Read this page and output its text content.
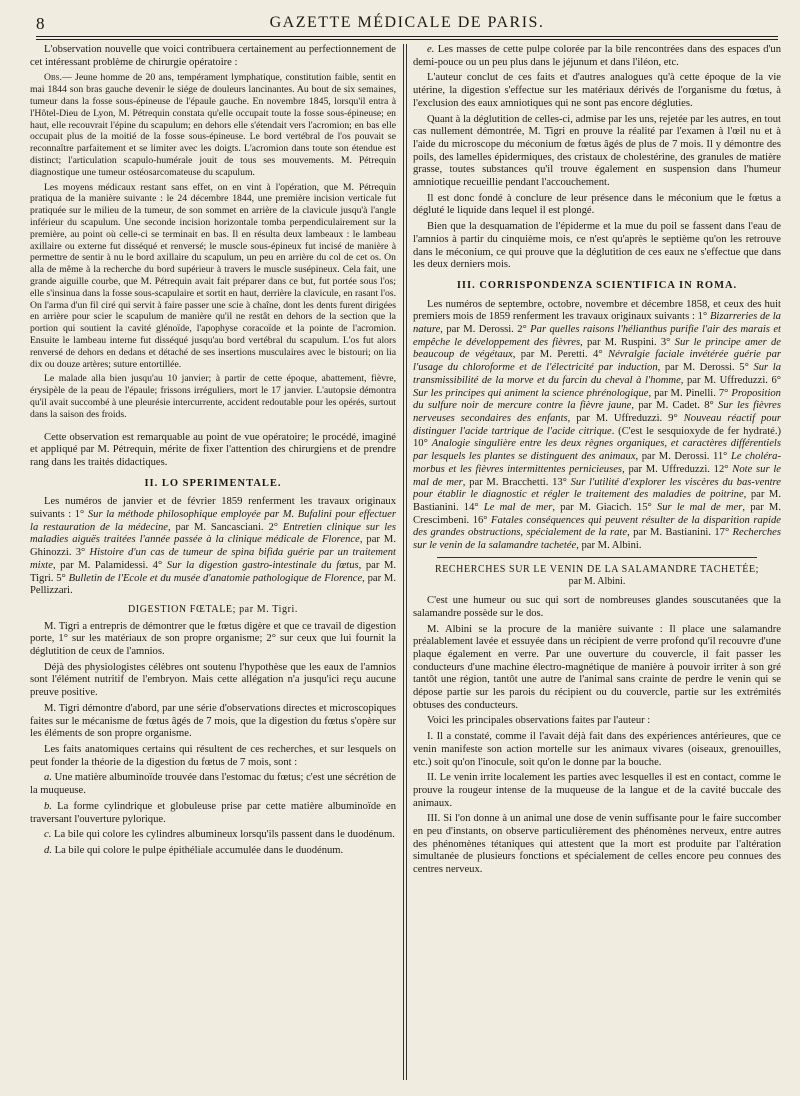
8	GAZETTE MÉDICALE DE PARIS.

L'observation nouvelle que voici contribuera certainement au perfectionnement de cet intéressant problème de chirurgie opératoire :

Obs.— Jeune homme de 20 ans, tempérament lymphatique, constitution faible, sentit en mai 1844 son bras gauche devenir le siége de douleurs lancinantes. Au bout de six semaines, tumeur dans la fosse sous-épineuse de l'épaule gauche. En novembre 1845, lorsqu'il entra à l'Hôtel-Dieu de Lyon, M. Pétrequin constata qu'elle occupait toute la fosse sous-épineuse; en haut, elle recouvrait l'épine du scapulum; en dehors elle s'étendait vers l'acromion; en bas elle occupait plus de la moitié de la fosse sous-épineuse. Le bord vertébral de l'os pouvait se reconnaître parfaitement et se limiter avec les doigts. L'acromion dans toute son étendue est distinct; l'articulation scapulo-humérale jouit de tous ses mouvements. M. Pétrequin diagnostique une tumeur ostéosarcomateuse du scapulum.

Les moyens médicaux restant sans effet, on en vint à l'opération, que M. Pétrequin pratiqua de la manière suivante : le 24 décembre 1844, une première incision verticale fut pratiquée sur le milieu de la tumeur, de son sommet en arrière de la clavicule jusqu'à l'angle inférieur du scapulum. Une seconde incision horizontale tomba perpendiculairement sur la première, au point où celle-ci se terminait en bas. Il en résulta deux lambeaux : le lambeau axillaire ou externe fut disséqué et renversé; le muscle sous-épineux fut incisé de manière à permettre de sentir à nu le bord axillaire du scapulum, un peu en arrière du col de cet os. On alla de même à la recherche du bord supérieur à travers le muscle susépineux. Cela fait, une grande aiguille courbe, que M. Pétrequin avait fait préparer dans ce but, fut portée sous l'os; elle s'insinua dans la fosse sous-scapulaire et sortit en haut, derrière la clavicule, en rasant l'os. On l'arma d'un fil ciré qui servit à faire passer une scie à chaîne, dont les dents furent dirigées en arrière pour scier le scapulum de manière qu'il ne restât en dehors de la section que la portion qui soutient la cavité glénoïde, l'apophyse coracoïde et la pointe de l'acromion. Ensuite le lambeau interne fut disséqué jusqu'au bord vertébral du scapulum. L'os fut alors renversé de dehors en dedans et détaché de ses insertions musculaires avec le bistouri; on lia dix ou douze artères; suture entortillée.

Le malade alla bien jusqu'au 10 janvier; à partir de cette époque, abattement, fièvre, érysipèle de la peau de l'épaule; frissons irréguliers, mort le 17 janvier. L'autopsie démontra qu'il avait succombé à une pleurésie intercurrente, accident redoutable pour les opérés, surtout dans la saison des froids.

Cette observation est remarquable au point de vue opératoire; le procédé, imaginé et appliqué par M. Pétrequin, mérite de fixer l'attention des chirurgiens et de prendre rang dans les traités didactiques.

II. LO SPERIMENTALE.

Les numéros de janvier et de février 1859 renferment les travaux originaux suivants : 1° Sur la méthode philosophique employée par M. Bufalini pour effectuer la restauration de la médecine, par M. Sancasciani. 2° Entretien clinique sur les maladies aiguës traitées l'année passée à la clinique médicale de Florence, par M. Ghinozzi. 3° Histoire d'un cas de tumeur de spina bifida guérie par un traitement mixte, par M. Palamidessi. 4° Sur la digestion gastro-intestinale du fœtus, par M. Tigri. 5° Bulletin de l'Ecole et du musée d'anatomie pathologique de Florence, par M. Pellizzari.

DIGESTION FŒTALE; par M. Tigri.

M. Tigri a entrepris de démontrer que le fœtus digère et que ce travail de digestion porte, 1° sur les matériaux de son propre organisme; 2° sur ceux que lui fournit la déglutition de ceux de l'amnios.

Déjà des physiologistes célèbres ont soutenu l'hypothèse que les eaux de l'amnios sont l'élément nutritif de l'embryon. Mais cette allégation n'a jusqu'ici reçu aucune preuve positive.

M. Tigri démontre d'abord, par une série d'observations directes et microscopiques faites sur le mécanisme de fœtus âgés de 7 mois, que la digestion du fœtus s'opère sur les éléments de son propre organisme.

Les faits anatomiques certains qui résultent de ces recherches, et sur lesquels on peut fonder la théorie de la digestion du fœtus de 7 mois, sont :

a. Une matière albuminoïde trouvée dans l'estomac du fœtus; c'est une sécrétion de la muqueuse.

b. La forme cylindrique et globuleuse prise par cette matière albuminoïde en traversant l'ouverture pylorique.

c. La bile qui colore les cylindres albumineux lorsqu'ils passent dans le duodénum.

d. La bile qui colore le pulpe épithéliale accumulée dans le duodénum.

e. Les masses de cette pulpe colorée par la bile rencontrées dans des espaces d'un demi-pouce ou un peu plus dans le jéjunum et dans l'iléon, etc.

L'auteur conclut de ces faits et d'autres analogues qu'à cette époque de la vie utérine, la digestion s'effectue sur les matériaux dérivés de l'organisme du fœtus, à l'exclusion des eaux amniotiques qui ne sont pas encore dégluties.

Quant à la déglutition de celles-ci, admise par les uns, rejetée par les autres, en tout cas nullement démontrée, M. Tigri en prouve la réalité par l'examen à l'œil nu et à l'aide du microscope du méconium de fœtus âgés de plus de 7 mois. Il y démontre des poils, des lamelles épidermiques, des cristaux de cholestérine, des granules de matière grasse, toutes substances qu'il trouve également en suspension dans l'humeur amniotique recueillie pendant l'accouchement.

Il est donc fondé à conclure de leur présence dans le méconium que le fœtus a dégluté le liquide dans lequel il est plongé.

Bien que la desquamation de l'épiderme et la mue du poil se fassent dans l'eau de l'amnios à partir du cinquième mois, ce n'est qu'après le septième qu'on les retrouve dans le méconium, ce qui prouve que la déglutition de ces eaux ne s'effectue que dans les deux derniers mois.

III. CORRISPONDENZA SCIENTIFICA IN ROMA.

Les numéros de septembre, octobre, novembre et décembre 1858, et ceux des huit premiers mois de 1859 renferment les travaux originaux suivants : 1° Bizarreries de la nature, par M. Derossi. 2° Par quelles raisons l'hélianthus purifie l'air des marais et empêche le développement des fièvres, par M. Ruspini. 3° Sur le principe amer de beaucoup de végétaux, par M. Peretti. 4° Névralgie faciale invétérée guérie par l'usage du chloroforme et de l'électricité par induction, par M. Derossi. 5° Sur la transmissibilité de la morve et du farcin du cheval à l'homme, par M. Uffreduzzi. 6° Sur les principes qui animent la science phrénologique, par M. Pinelli. 7° Proposition du sulfure noir de mercure contre la fièvre jaune, par M. Cadet. 8° Sur les fièvres nerveuses secondaires des enfants, par M. Uffreduzzi. 9° Nouveau réactif pour distinguer l'acide tartrique de l'acide citrique. (C'est le sesquioxyde de fer hydraté.) 10° Analogie singulière entre les deux règnes organiques, et caractères différentiels par lesquels les plantes se distinguent des animaux, par M. Derossi. 11° Le choléra-morbus et les fièvres intermittentes pernicieuses, par M. Uffreduzzi. 12° Note sur le mal de mer, par M. Bracchetti. 13° Sur l'utilité d'explorer les viscères du bas-ventre pour établir le diagnostic et régler le traitement des maladies de poitrine, par M. Bastianini. 14° Le mal de mer, par M. Giacich. 15° Sur le mal de mer, par M. Crescimbeni. 16° Fatales conséquences qui peuvent résulter de la disparition rapide des grandes obstructions, spécialement de la rate, par M. Bastianini. 17° Recherches sur le venin de la salamandre tachetée, par M. Albini.

RECHERCHES SUR LE VENIN DE LA SALAMANDRE TACHETÉE;
par M. Albini.

C'est une humeur ou suc qui sort de nombreuses glandes souscutanées que la salamandre possède sur le dos.

M. Albini se la procure de la manière suivante : Il place une salamandre préalablement lavée et essuyée dans un récipient de verre profond qu'il recouvre d'une plaque également en verre. Par une ouverture du couvercle, il fait passer les conducteurs d'une machine électro-magnétique de manière à pouvoir irriter à son gré tantôt une région, tantôt une autre de l'animal sans crainte de perdre le venin qui se dépose partie sur les parois du récipient ou du couvercle, partie sur les extrémités obtuses des conducteurs.

Voici les principales observations faites par l'auteur :

I. Il a constaté, comme il l'avait déjà fait dans des expériences antérieures, que ce venin manifeste son action mortelle sur les animaux vivares (oiseaux, grenouilles, etc.) soit qu'on l'inocule, soit qu'on le donne par la bouche.

II. Le venin irrite localement les parties avec lesquelles il est en contact, comme le prouve la rougeur intense de la muqueuse de la langue et de la cavité buccale des animaux.

III. Si l'on donne à un animal une dose de venin suffisante pour le faire succomber en peu d'instants, on observe particulièrement des phénomènes nerveux, entre autres des phénomènes tétaniques qui attestent que la mort est produite par l'altération simultanée de plusieurs fonctions et spécialement de celles encore peu connues des centres nerveux.
